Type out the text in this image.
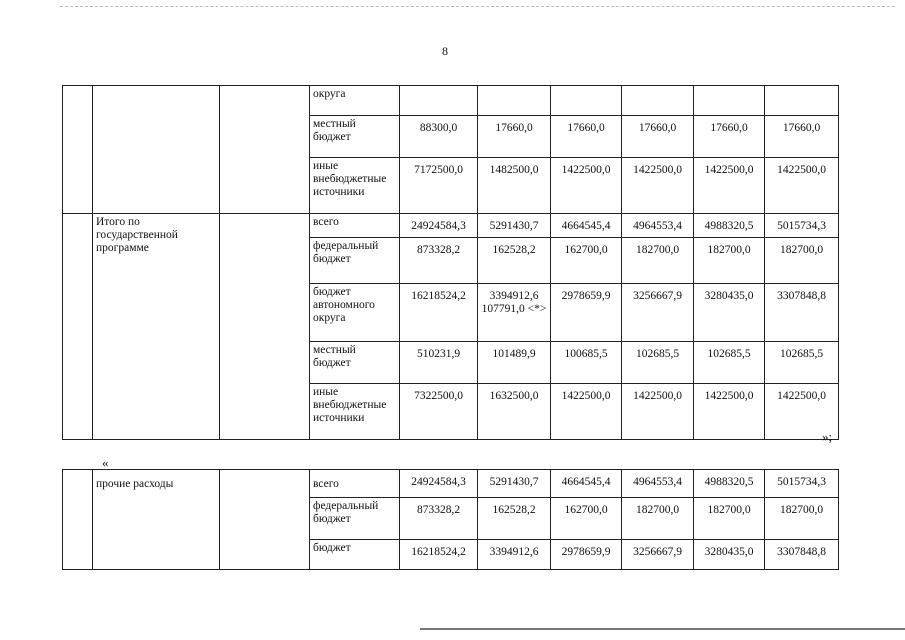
8
			округа						
			местный бюджет	88300,0	17660,0	17660,0	17660,0	17660,0	17660,0
			иные внебюджетные источники	7172500,0	1482500,0	1422500,0	1422500,0	1422500,0	1422500,0
	Итого по государственной программе		всего	24924584,3	5291430,7	4664545,4	4964553,4	4988320,5	5015734,3
			федеральный бюджет	873328,2	162528,2	162700,0	182700,0	182700,0	182700,0
			бюджет автономного округа	16218524,2	3394912,6 107791,0 <*>	2978659,9	3256667,9	3280435,0	3307848,8
			местный бюджет	510231,9	101489,9	100685,5	102685,5	102685,5	102685,5
			иные внебюджетные источники	7322500,0	1632500,0	1422500,0	1422500,0	1422500,0	1422500,0
»;
«
	прочие расходы		всего	24924584,3	5291430,7	4664545,4	4964553,4	4988320,5	5015734,3
			федеральный бюджет	873328,2	162528,2	162700,0	182700,0	182700,0	182700,0
			бюджет	16218524,2	3394912,6	2978659,9	3256667,9	3280435,0	3307848,8
